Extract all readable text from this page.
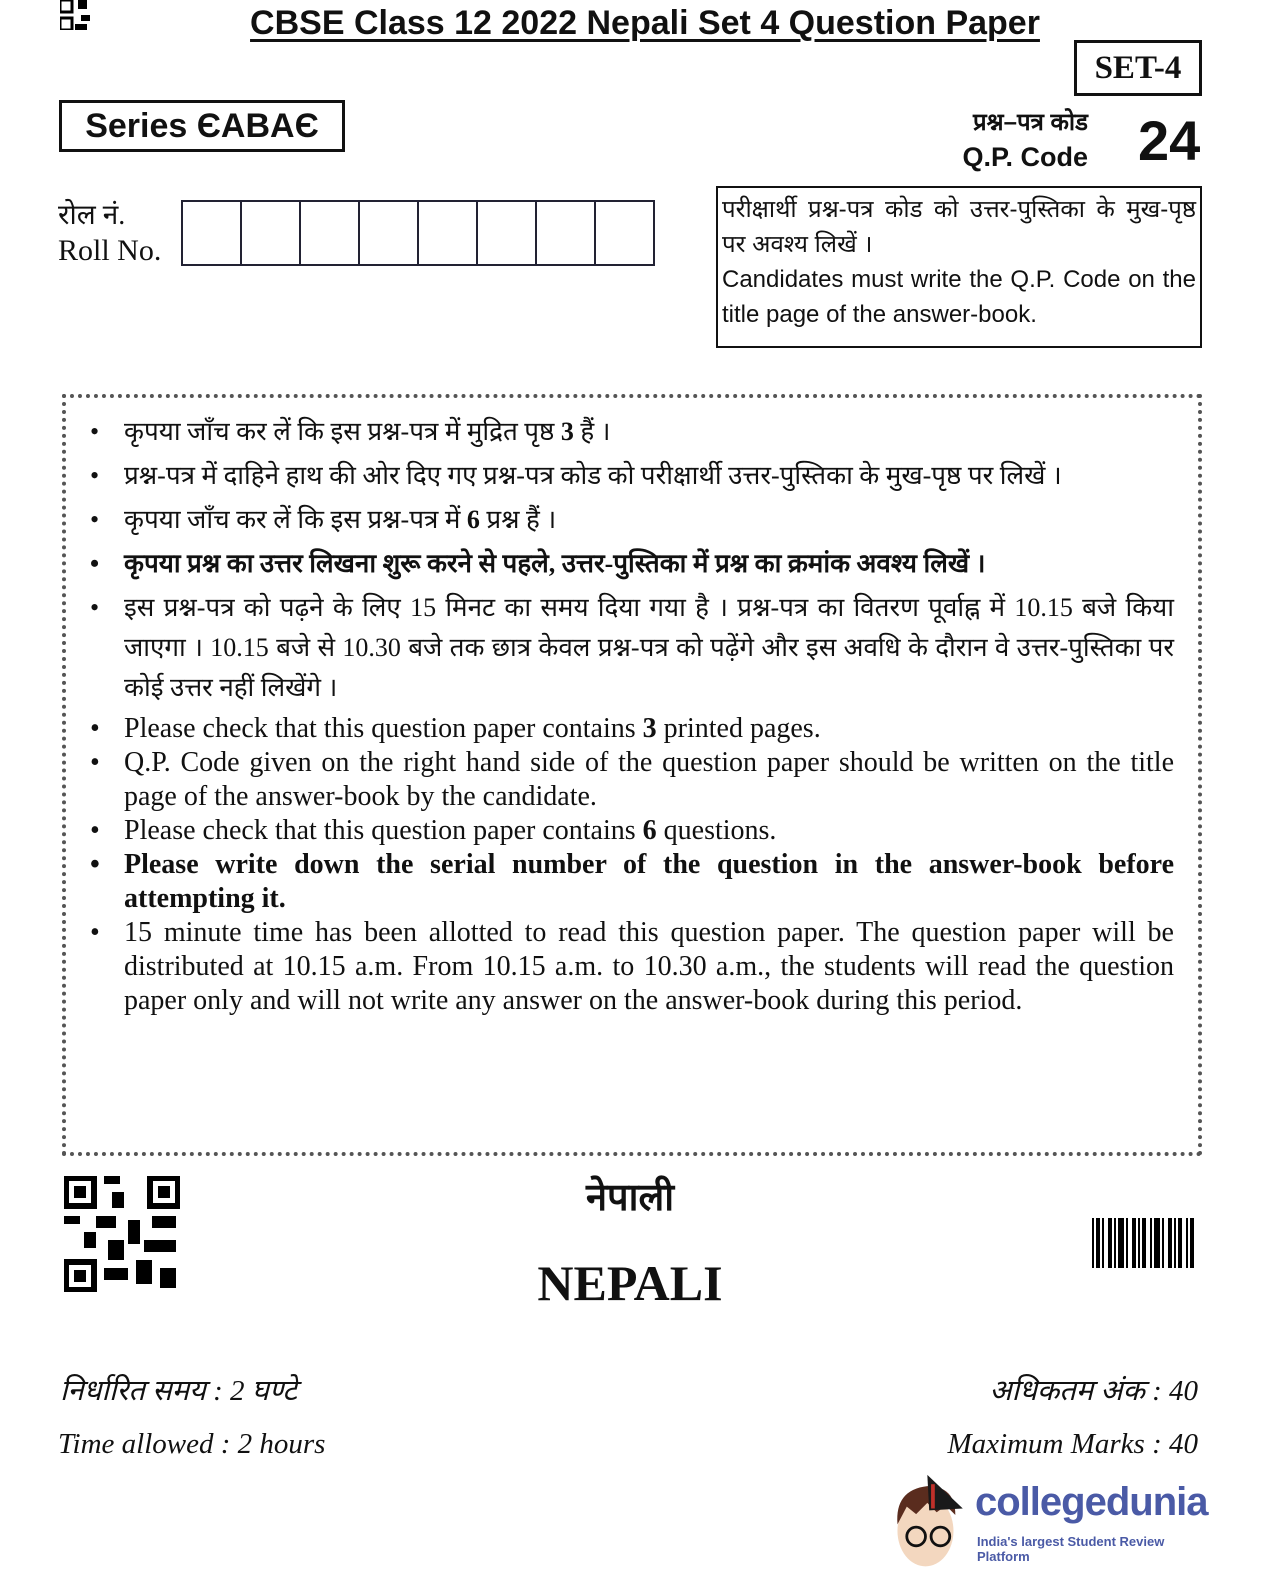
CBSE Class 12 2022 Nepali Set 4 Question Paper
SET-4
Series ЄABAЄ	प्रश्न–पत्र कोड
Q.P. Code 24
रोल नं.
Roll No.

परीक्षार्थी प्रश्न-पत्र कोड को उत्तर-पुस्तिका के मुख-पृष्ठ पर अवश्य लिखें ।

Candidates must write the Q.P. Code on the title page of the answer-book.

• कृपया जाँच कर लें कि इस प्रश्न-पत्र में मुद्रित पृष्ठ 3 हैं ।
• प्रश्न-पत्र में दाहिने हाथ की ओर दिए गए प्रश्न-पत्र कोड को परीक्षार्थी उत्तर-पुस्तिका के मुख-पृष्ठ पर लिखें ।
• कृपया जाँच कर लें कि इस प्रश्न-पत्र में 6 प्रश्न हैं ।
• कृपया प्रश्न का उत्तर लिखना शुरू करने से पहले, उत्तर-पुस्तिका में प्रश्न का क्रमांक अवश्य लिखें ।
• इस प्रश्न-पत्र को पढ़ने के लिए 15 मिनट का समय दिया गया है । प्रश्न-पत्र का वितरण पूर्वाह्न में 10.15 बजे किया जाएगा । 10.15 बजे से 10.30 बजे तक छात्र केवल प्रश्न-पत्र को पढ़ेंगे और इस अवधि के दौरान वे उत्तर-पुस्तिका पर कोई उत्तर नहीं लिखेंगे ।
• Please check that this question paper contains 3 printed pages.
• Q.P. Code given on the right hand side of the question paper should be written on the title page of the answer-book by the candidate.
• Please check that this question paper contains 6 questions.
• Please write down the serial number of the question in the answer-book before attempting it.
• 15 minute time has been allotted to read this question paper. The question paper will be distributed at 10.15 a.m. From 10.15 a.m. to 10.30 a.m., the students will read the question paper only and will not write any answer on the answer-book during this period.
नेपाली
NEPALI
निर्धारित समय : 2 घण्टे
Time allowed : 2 hours
अधिकतम अंक : 40
Maximum Marks : 40
collegedunia
India's largest Student Review Platform
